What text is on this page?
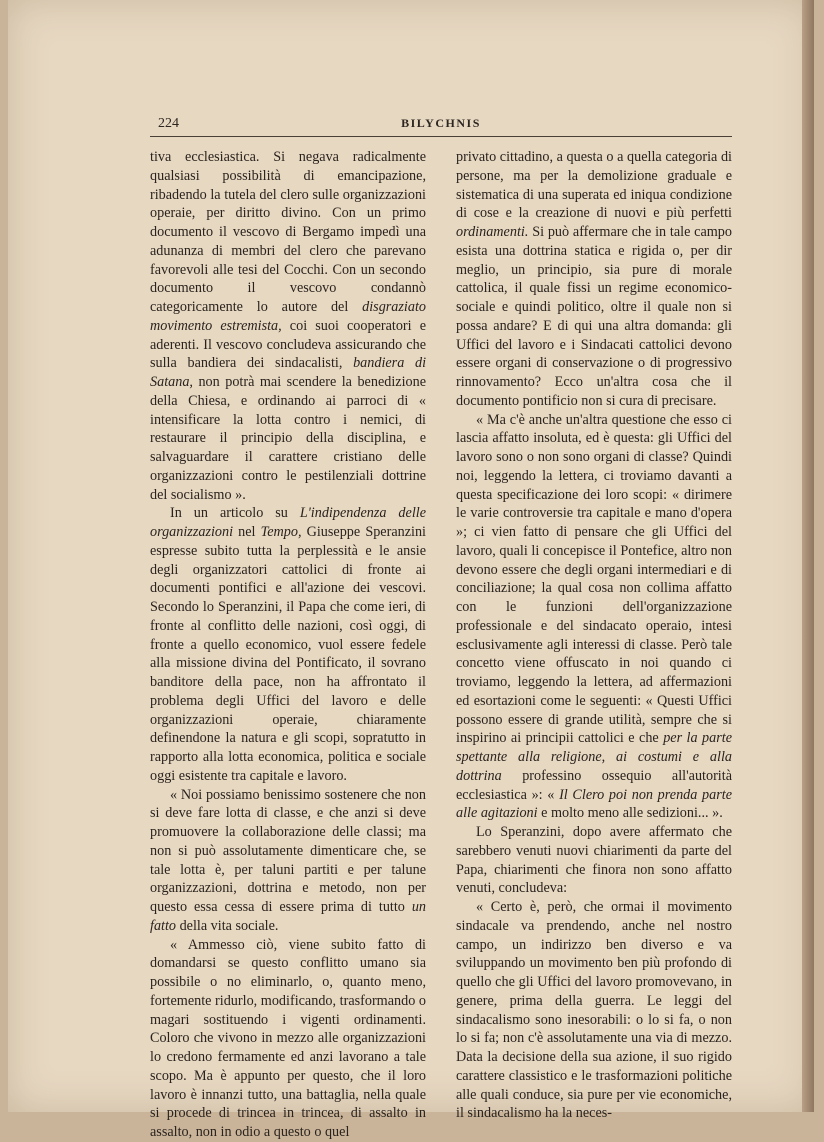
224	BILYCHNIS

tiva ecclesiastica. Si negava radicalmente qualsiasi possibilità di emancipazione, ribadendo la tutela del clero sulle organizzazioni operaie, per diritto divino. Con un primo documento il vescovo di Bergamo impedì una adunanza di membri del clero che parevano favorevoli alle tesi del Cocchi. Con un secondo documento il vescovo condannò categoricamente lo autore del disgraziato movimento estremista, coi suoi cooperatori e aderenti. Il vescovo concludeva assicurando che sulla bandiera dei sindacalisti, bandiera di Satana, non potrà mai scendere la benedizione della Chiesa, e ordinando ai parroci di « intensificare la lotta contro i nemici, di restaurare il principio della disciplina, e salvaguardare il carattere cristiano delle organizzazioni contro le pestilenziali dottrine del socialismo ».

In un articolo su L'indipendenza delle organizzazioni nel Tempo, Giuseppe Speranzini espresse subito tutta la perplessità e le ansie degli organizzatori cattolici di fronte ai documenti pontifici e all'azione dei vescovi. Secondo lo Speranzini, il Papa che come ieri, di fronte al conflitto delle nazioni, così oggi, di fronte a quello economico, vuol essere fedele alla missione divina del Pontificato, il sovrano banditore della pace, non ha affrontato il problema degli Uffici del lavoro e delle organizzazioni operaie, chiaramente definendone la natura e gli scopi, sopratutto in rapporto alla lotta economica, politica e sociale oggi esistente tra capitale e lavoro.

« Noi possiamo benissimo sostenere che non si deve fare lotta di classe, e che anzi si deve promuovere la collaborazione delle classi; ma non si può assolutamente dimenticare che, se tale lotta è, per taluni partiti e per talune organizzazioni, dottrina e metodo, non per questo essa cessa di essere prima di tutto un fatto della vita sociale.

« Ammesso ciò, viene subito fatto di domandarsi se questo conflitto umano sia possibile o no eliminarlo, o, quanto meno, fortemente ridurlo, modificando, trasformando o magari sostituendo i vigenti ordinamenti. Coloro che vivono in mezzo alle organizzazioni lo credono fermamente ed anzi lavorano a tale scopo. Ma è appunto per questo, che il loro lavoro è innanzi tutto, una battaglia, nella quale si procede di trincea in trincea, di assalto in assalto, non in odio a questo o quel

privato cittadino, a questa o a quella categoria di persone, ma per la demolizione graduale e sistematica di una superata ed iniqua condizione di cose e la creazione di nuovi e più perfetti ordinamenti. Si può affermare che in tale campo esista una dottrina statica e rigida o, per dir meglio, un principio, sia pure di morale cattolica, il quale fissi un regime economico-sociale e quindi politico, oltre il quale non si possa andare? E di qui una altra domanda: gli Uffici del lavoro e i Sindacati cattolici devono essere organi di conservazione o di progressivo rinnovamento? Ecco un'altra cosa che il documento pontificio non si cura di precisare.

« Ma c'è anche un'altra questione che esso ci lascia affatto insoluta, ed è questa: gli Uffici del lavoro sono o non sono organi di classe? Quindi noi, leggendo la lettera, ci troviamo davanti a questa specificazione dei loro scopi: « dirimere le varie controversie tra capitale e mano d'opera »; ci vien fatto di pensare che gli Uffici del lavoro, quali li concepisce il Pontefice, altro non devono essere che degli organi intermediari e di conciliazione; la qual cosa non collima affatto con le funzioni dell'organizzazione professionale e del sindacato operaio, intesi esclusivamente agli interessi di classe. Però tale concetto viene offuscato in noi quando ci troviamo, leggendo la lettera, ad affermazioni ed esortazioni come le seguenti: « Questi Uffici possono essere di grande utilità, sempre che si inspirino ai principii cattolici e che per la parte spettante alla religione, ai costumi e alla dottrina professino ossequio all'autorità ecclesiastica »: « Il Clero poi non prenda parte alle agitazioni e molto meno alle sedizioni... ».

Lo Speranzini, dopo avere affermato che sarebbero venuti nuovi chiarimenti da parte del Papa, chiarimenti che finora non sono affatto venuti, concludeva:

« Certo è, però, che ormai il movimento sindacale va prendendo, anche nel nostro campo, un indirizzo ben diverso e va sviluppando un movimento ben più profondo di quello che gli Uffici del lavoro promovevano, in genere, prima della guerra. Le leggi del sindacalismo sono inesorabili: o lo si fa, o non lo si fa; non c'è assolutamente una via di mezzo. Data la decisione della sua azione, il suo rigido carattere classistico e le trasformazioni politiche alle quali conduce, sia pure per vie economiche, il sindacalismo ha la neces-
